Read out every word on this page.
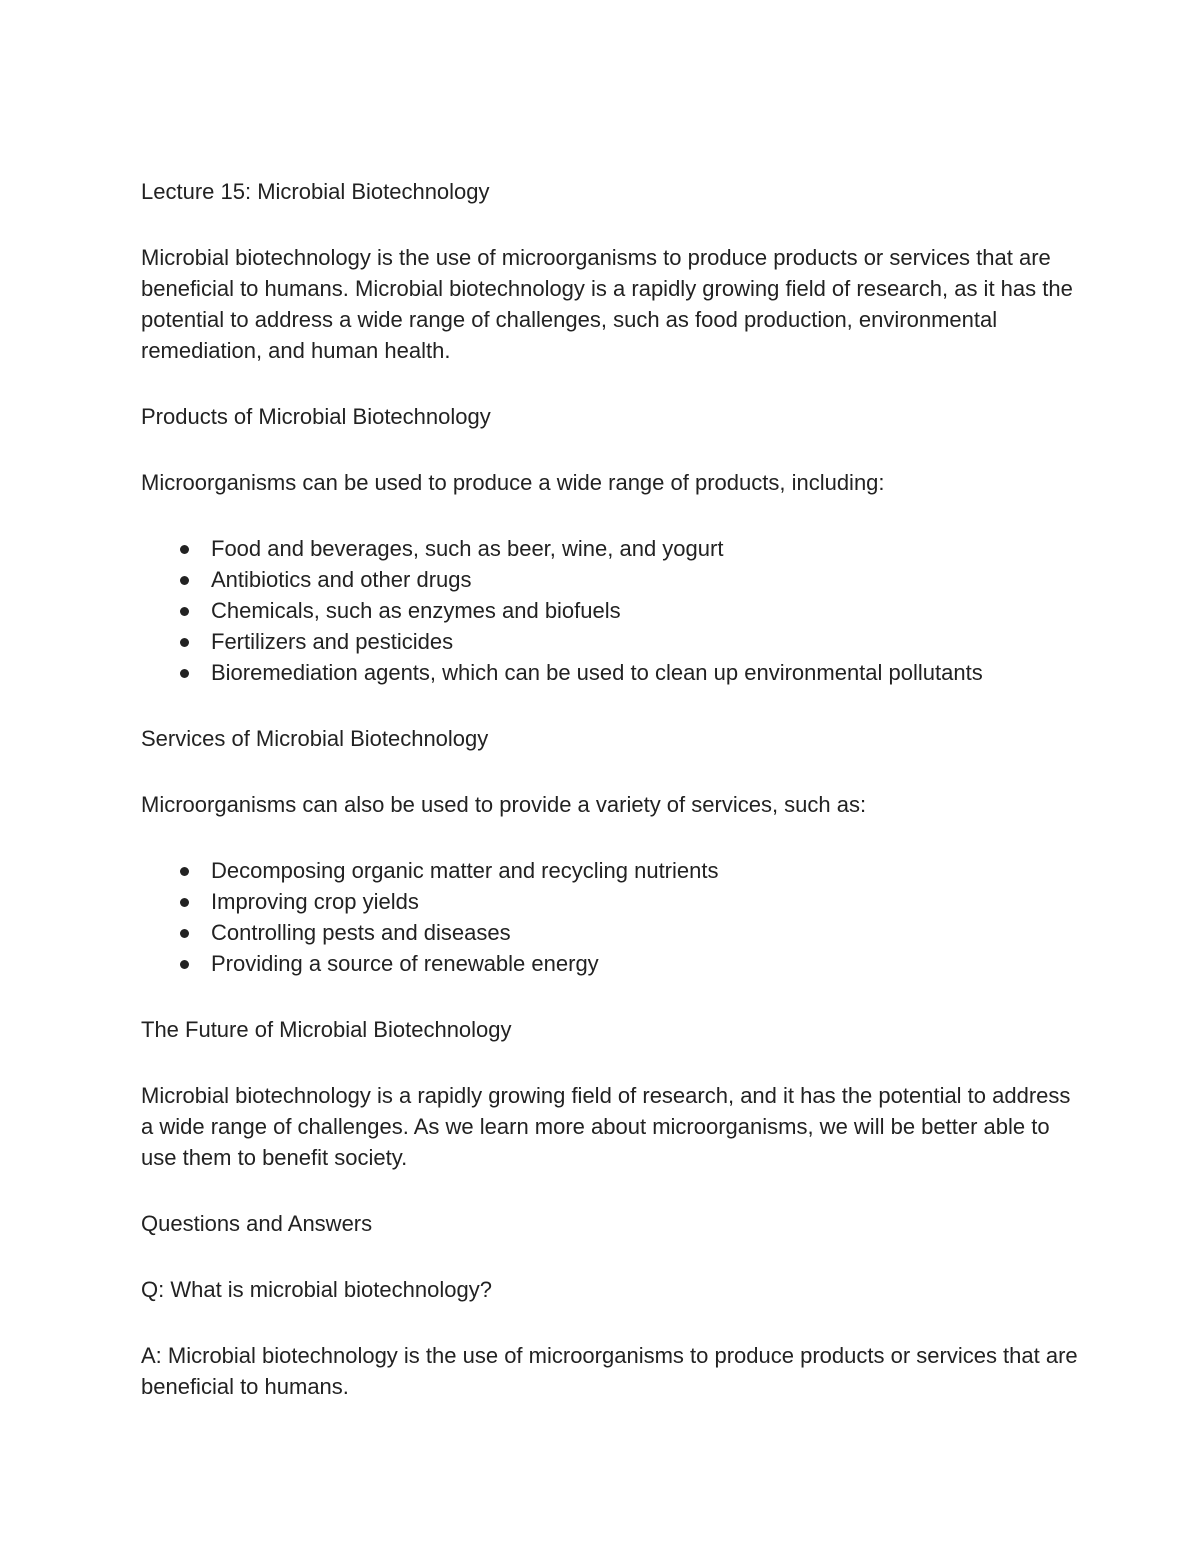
Lecture 15: Microbial Biotechnology

Microbial biotechnology is the use of microorganisms to produce products or services that are beneficial to humans. Microbial biotechnology is a rapidly growing field of research, as it has the potential to address a wide range of challenges, such as food production, environmental remediation, and human health.

Products of Microbial Biotechnology

Microorganisms can be used to produce a wide range of products, including:

Food and beverages, such as beer, wine, and yogurt
Antibiotics and other drugs
Chemicals, such as enzymes and biofuels
Fertilizers and pesticides
Bioremediation agents, which can be used to clean up environmental pollutants

Services of Microbial Biotechnology

Microorganisms can also be used to provide a variety of services, such as:

Decomposing organic matter and recycling nutrients
Improving crop yields
Controlling pests and diseases
Providing a source of renewable energy

The Future of Microbial Biotechnology

Microbial biotechnology is a rapidly growing field of research, and it has the potential to address a wide range of challenges. As we learn more about microorganisms, we will be better able to use them to benefit society.

Questions and Answers

Q: What is microbial biotechnology?

A: Microbial biotechnology is the use of microorganisms to produce products or services that are beneficial to humans.
